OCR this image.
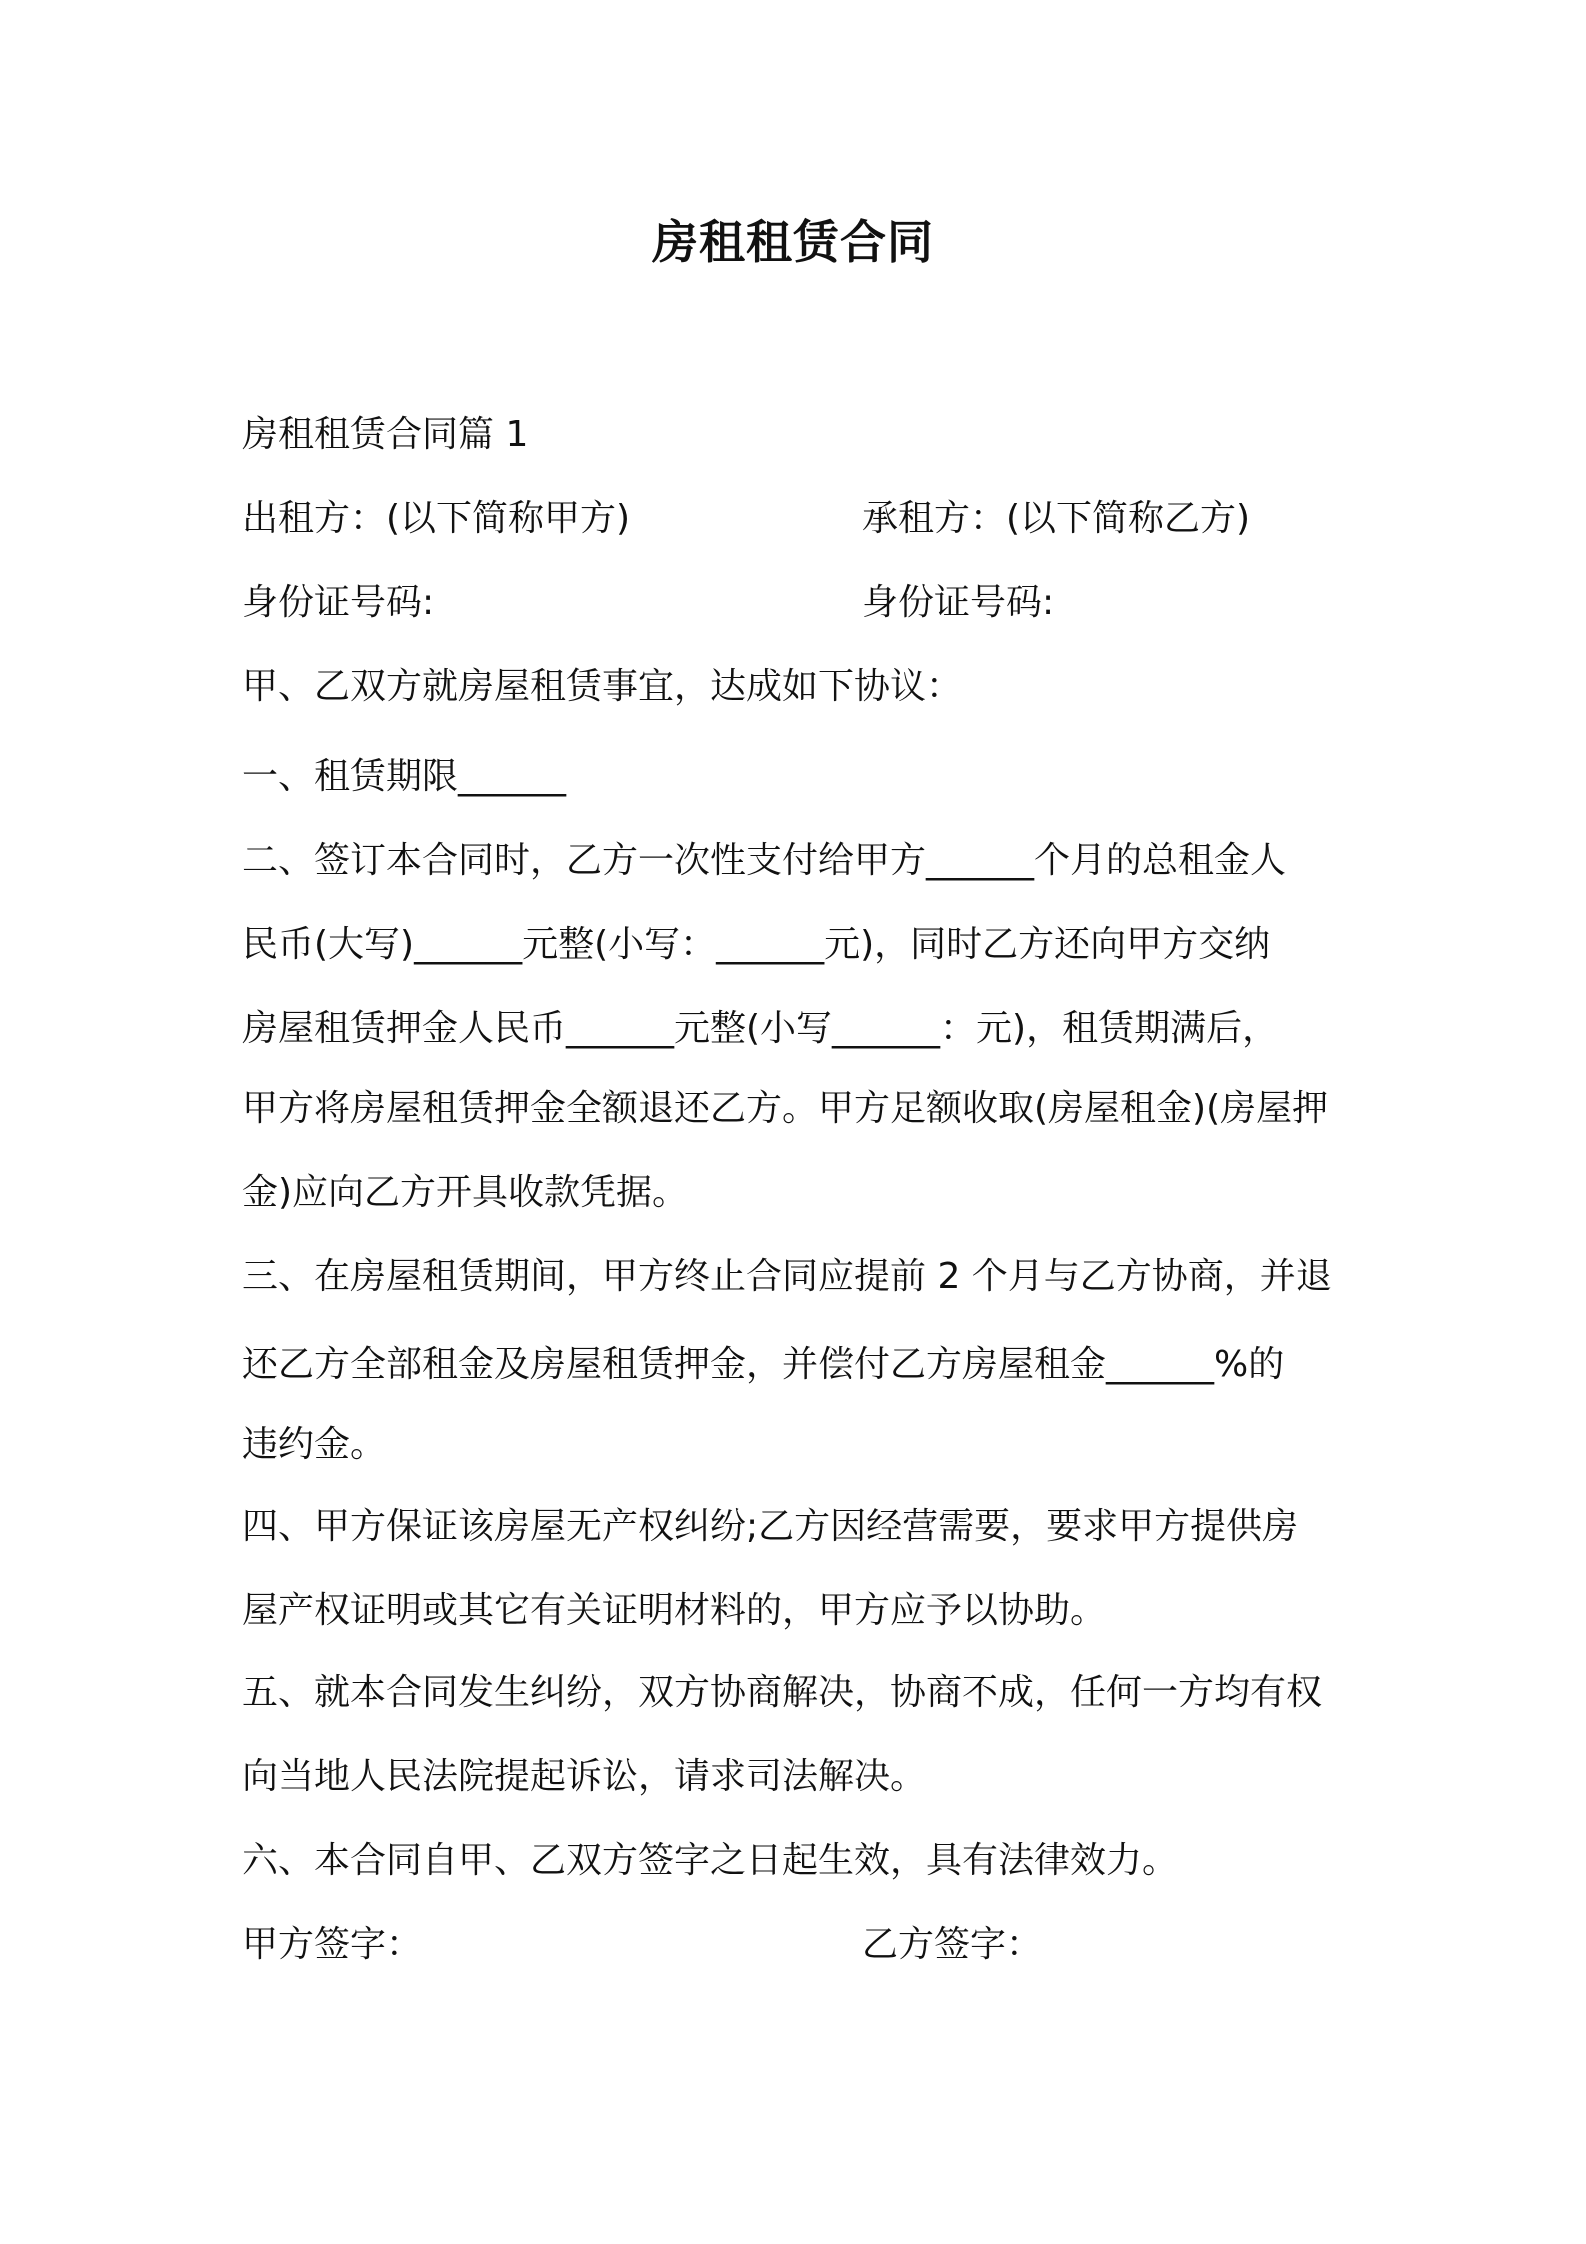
房租租赁合同
房租租赁合同篇 1
出租方：(以下简称甲方)	承租方：(以下简称乙方)
身份证号码:	身份证号码:
甲、乙双方就房屋租赁事宜，达成如下协议：
一、租赁期限______
二、签订本合同时，乙方一次性支付给甲方______个月的总租金人
民币(大写)______元整(小写：______元)，同时乙方还向甲方交纳
房屋租赁押金人民币______元整(小写______：元)，租赁期满后，
甲方将房屋租赁押金全额退还乙方。甲方足额收取(房屋租金)(房屋押
金)应向乙方开具收款凭据。
三、在房屋租赁期间，甲方终止合同应提前 2 个月与乙方协商，并退
还乙方全部租金及房屋租赁押金，并偿付乙方房屋租金______%的
违约金。
四、甲方保证该房屋无产权纠纷;乙方因经营需要，要求甲方提供房
屋产权证明或其它有关证明材料的，甲方应予以协助。
五、就本合同发生纠纷，双方协商解决，协商不成，任何一方均有权
向当地人民法院提起诉讼，请求司法解决。
六、本合同自甲、乙双方签字之日起生效，具有法律效力。
甲方签字：	乙方签字：
